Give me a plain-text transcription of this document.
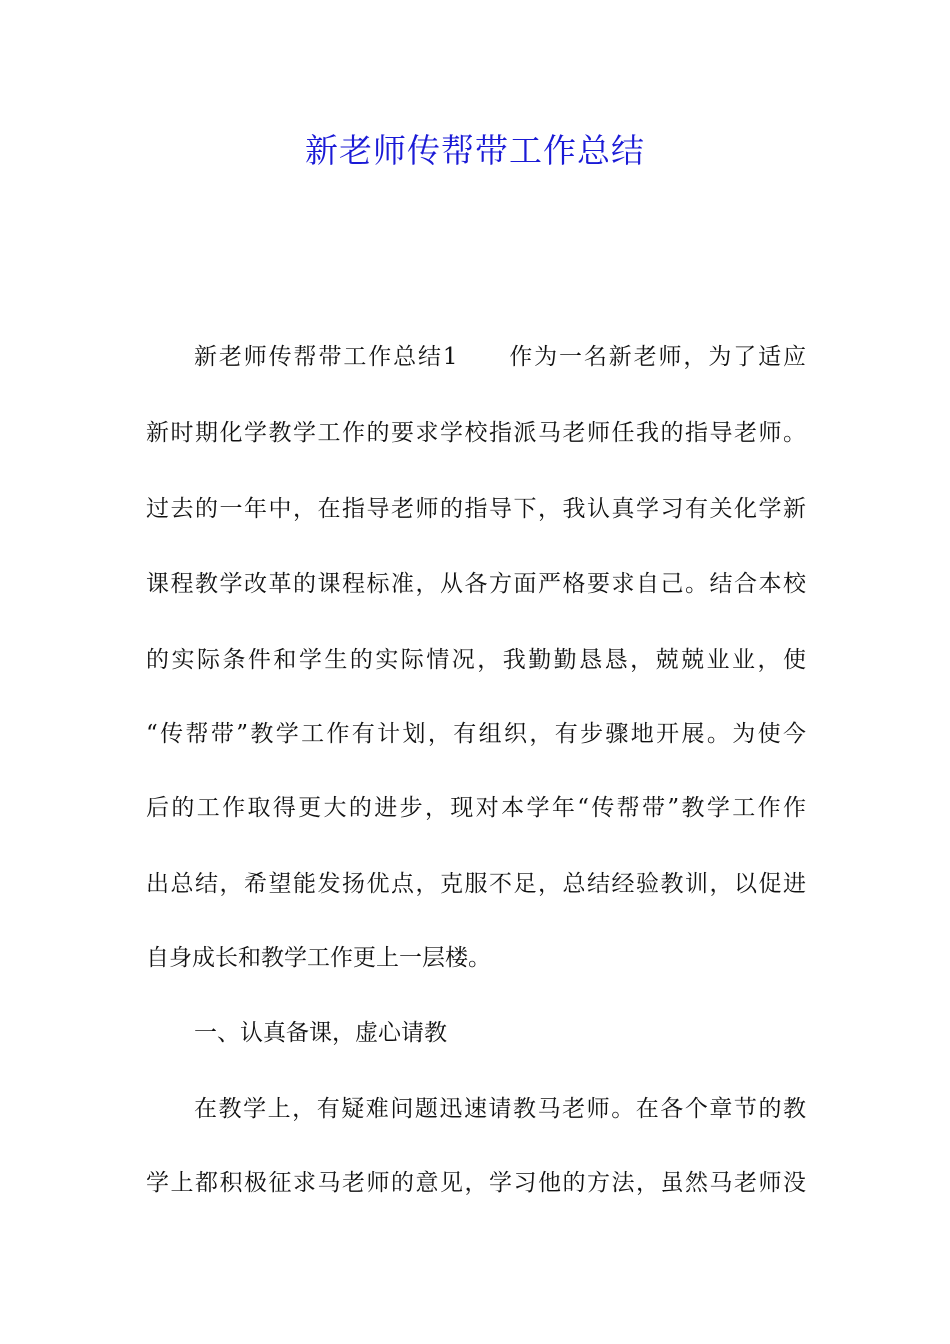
新老师传帮带工作总结
新老师传帮带工作总结1　　作为一名新老师，为了适应
新时期化学教学工作的要求学校指派马老师任我的指导老师。
过去的一年中，在指导老师的指导下，我认真学习有关化学新
课程教学改革的课程标准，从各方面严格要求自己。结合本校
的实际条件和学生的实际情况，我勤勤恳恳，兢兢业业，使
“传帮带”教学工作有计划，有组织，有步骤地开展。为使今
后的工作取得更大的进步，现对本学年“传帮带”教学工作作
出总结，希望能发扬优点，克服不足，总结经验教训，以促进
自身成长和教学工作更上一层楼。
一、认真备课，虚心请教
在教学上，有疑难问题迅速请教马老师。在各个章节的教
学上都积极征求马老师的意见，学习他的方法，虽然马老师没
